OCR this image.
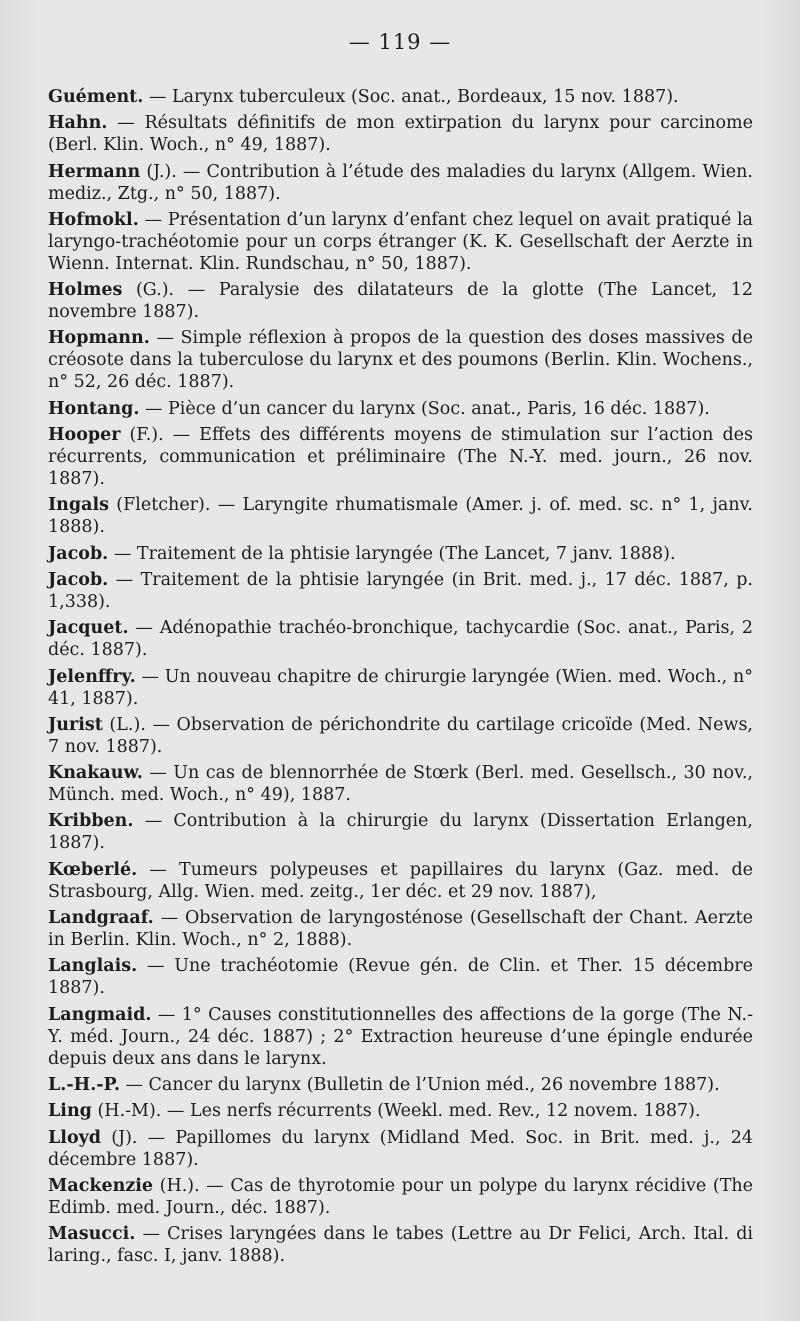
— 119 —

Guément. — Larynx tuberculeux (Soc. anat., Bordeaux, 15 nov. 1887).

Hahn. — Résultats définitifs de mon extirpation du larynx pour carcinome (Berl. Klin. Woch., n° 49, 1887).

Hermann (J.). — Contribution à l’étude des maladies du larynx (Allgem. Wien. mediz., Ztg., n° 50, 1887).

Hofmokl. — Présentation d’un larynx d’enfant chez lequel on avait pratiqué la laryngo-trachéotomie pour un corps étranger (K. K. Gesellschaft der Aerzte in Wienn. Internat. Klin. Rundschau, n° 50, 1887).

Holmes (G.). — Paralysie des dilatateurs de la glotte (The Lancet, 12 novembre 1887).

Hopmann. — Simple réflexion à propos de la question des doses massives de créosote dans la tuberculose du larynx et des poumons (Berlin. Klin. Wochens., n° 52, 26 déc. 1887).

Hontang. — Pièce d’un cancer du larynx (Soc. anat., Paris, 16 déc. 1887).

Hooper (F.). — Effets des différents moyens de stimulation sur l’action des récurrents, communication et préliminaire (The N.-Y. med. journ., 26 nov. 1887).

Ingals (Fletcher). — Laryngite rhumatismale (Amer. j. of. med. sc. n° 1, janv. 1888).

Jacob. — Traitement de la phtisie laryngée (The Lancet, 7 janv. 1888).

Jacob. — Traitement de la phtisie laryngée (in Brit. med. j., 17 déc. 1887, p. 1,338).

Jacquet. — Adénopathie trachéo-bronchique, tachycardie (Soc. anat., Paris, 2 déc. 1887).

Jelenffry. — Un nouveau chapitre de chirurgie laryngée (Wien. med. Woch., n° 41, 1887).

Jurist (L.). — Observation de périchondrite du cartilage cricoïde (Med. News, 7 nov. 1887).

Knakauw. — Un cas de blennorrhée de Stœrk (Berl. med. Gesellsch., 30 nov., Münch. med. Woch., n° 49), 1887.

Kribben. — Contribution à la chirurgie du larynx (Dissertation Erlangen, 1887).

Kœberlé. — Tumeurs polypeuses et papillaires du larynx (Gaz. med. de Strasbourg, Allg. Wien. med. zeitg., 1er déc. et 29 nov. 1887),

Landgraaf. — Observation de laryngosténose (Gesellschaft der Chant. Aerzte in Berlin. Klin. Woch., n° 2, 1888).

Langlais. — Une trachéotomie (Revue gén. de Clin. et Ther. 15 décembre 1887).

Langmaid. — 1° Causes constitutionnelles des affections de la gorge (The N.-Y. méd. Journ., 24 déc. 1887) ; 2° Extraction heureuse d’une épingle endurée depuis deux ans dans le larynx.

L.-H.-P. — Cancer du larynx (Bulletin de l’Union méd., 26 novembre 1887).

Ling (H.-M). — Les nerfs récurrents (Weekl. med. Rev., 12 novem. 1887).

Lloyd (J). — Papillomes du larynx (Midland Med. Soc. in Brit. med. j., 24 décembre 1887).

Mackenzie (H.). — Cas de thyrotomie pour un polype du larynx récidive (The Edimb. med. Journ., déc. 1887).

Masucci. — Crises laryngées dans le tabes (Lettre au Dr Felici, Arch. Ital. di laring., fasc. I, janv. 1888).
